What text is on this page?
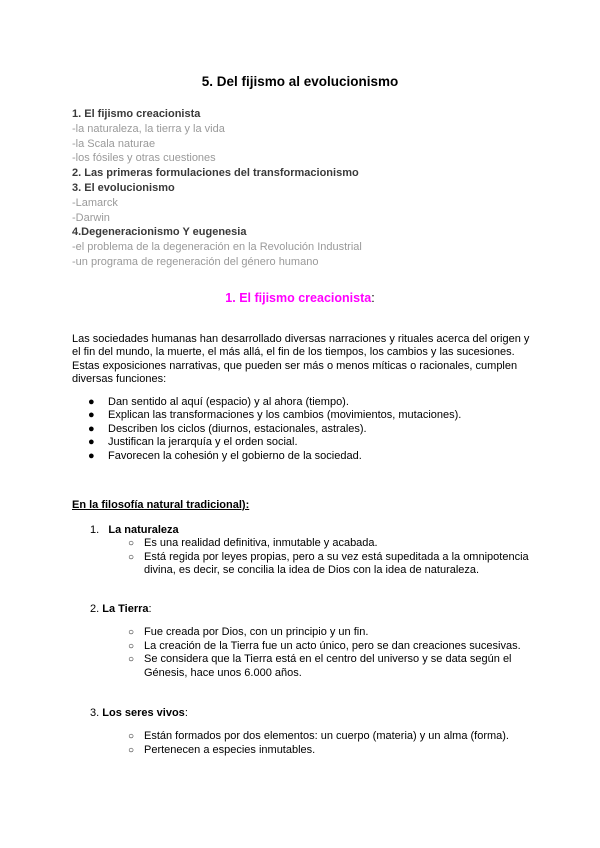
5. Del fijismo al evolucionismo
1. El fijismo creacionista
-la naturaleza, la tierra y la vida
-la Scala naturae
-los fósiles y otras cuestiones
2. Las primeras formulaciones del transformacionismo
3. El evolucionismo
-Lamarck
-Darwin
4.Degeneracionismo Y eugenesia
-el problema de la degeneración en la Revolución Industrial
-un programa de regeneración del género humano
1. El fijismo creacionista:

Las sociedades humanas han desarrollado diversas narraciones y rituales acerca del origen y el fin del mundo, la muerte, el más allá, el fin de los tiempos, los cambios y las sucesiones. Estas exposiciones narrativas, que pueden ser más o menos míticas o racionales, cumplen diversas funciones:

● Dan sentido al aquí (espacio) y al ahora (tiempo).
● Explican las transformaciones y los cambios (movimientos, mutaciones).
● Describen los ciclos (diurnos, estacionales, astrales).
● Justifican la jerarquía y el orden social.
● Favorecen la cohesión y el gobierno de la sociedad.
En la filosofía natural tradicional):
1. La naturaleza
○ Es una realidad definitiva, inmutable y acabada.
○ Está regida por leyes propias, pero a su vez está supeditada a la omnipotencia divina, es decir, se concilia la idea de Dios con la idea de naturaleza.
2. La Tierra:
○ Fue creada por Dios, con un principio y un fin.
○ La creación de la Tierra fue un acto único, pero se dan creaciones sucesivas.
○ Se considera que la Tierra está en el centro del universo y se data según el Génesis, hace unos 6.000 años.
3. Los seres vivos:
○ Están formados por dos elementos: un cuerpo (materia) y un alma (forma).
○ Pertenecen a especies inmutables.
